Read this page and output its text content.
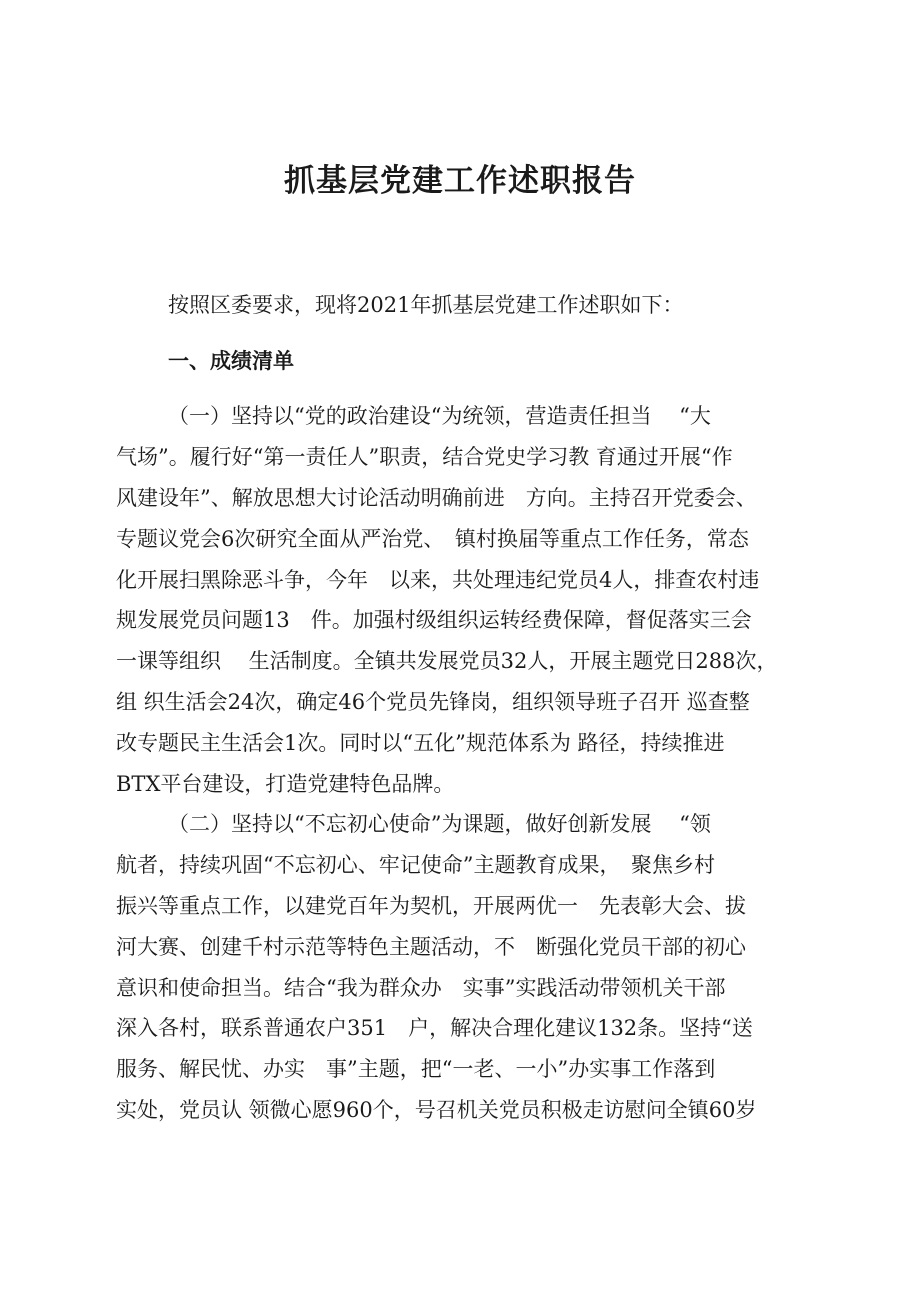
抓基层党建工作述职报告
按照区委要求，现将2021年抓基层党建工作述职如下：
一、成绩清单
（一）坚持以“党的政治建设“为统领，营造责任担当　 “大
气场”。履行好“第一责任人”职责，结合党史学习教 育通过开展“作
风建设年”、解放思想大讨论活动明确前进　方向。主持召开党委会、
专题议党会6次研究全面从严治党、　镇村换届等重点工作任务，常态
化开展扫黑除恶斗争，今年　以来，共处理违纪党员4人，排查农村违
规发展党员问题13　件。加强村级组织运转经费保障，督促落实三会
一课等组织　 生活制度。全镇共发展党员32人，开展主题党日288次，
组 织生活会24次，确定46个党员先锋岗，组织领导班子召开 巡查整
改专题民主生活会1次。同时以“五化”规范体系为 路径，持续推进
BTX平台建设，打造党建特色品牌。
（二）坚持以“不忘初心使命”为课题，做好创新发展　 “领
航者，持续巩固“不忘初心、牢记使命”主题教育成果，　聚焦乡村
振兴等重点工作，以建党百年为契机，开展两优一　先表彰大会、拔
河大赛、创建千村示范等特色主题活动，不　断强化党员干部的初心
意识和使命担当。结合“我为群众办　实事”实践活动带领机关干部
深入各村，联系普通农户351　户，解决合理化建议132条。坚持“送
服务、解民忧、办实　事”主题，把“一老、一小”办实事工作落到
实处，党员认 领微心愿960个，号召机关党员积极走访慰问全镇60岁
